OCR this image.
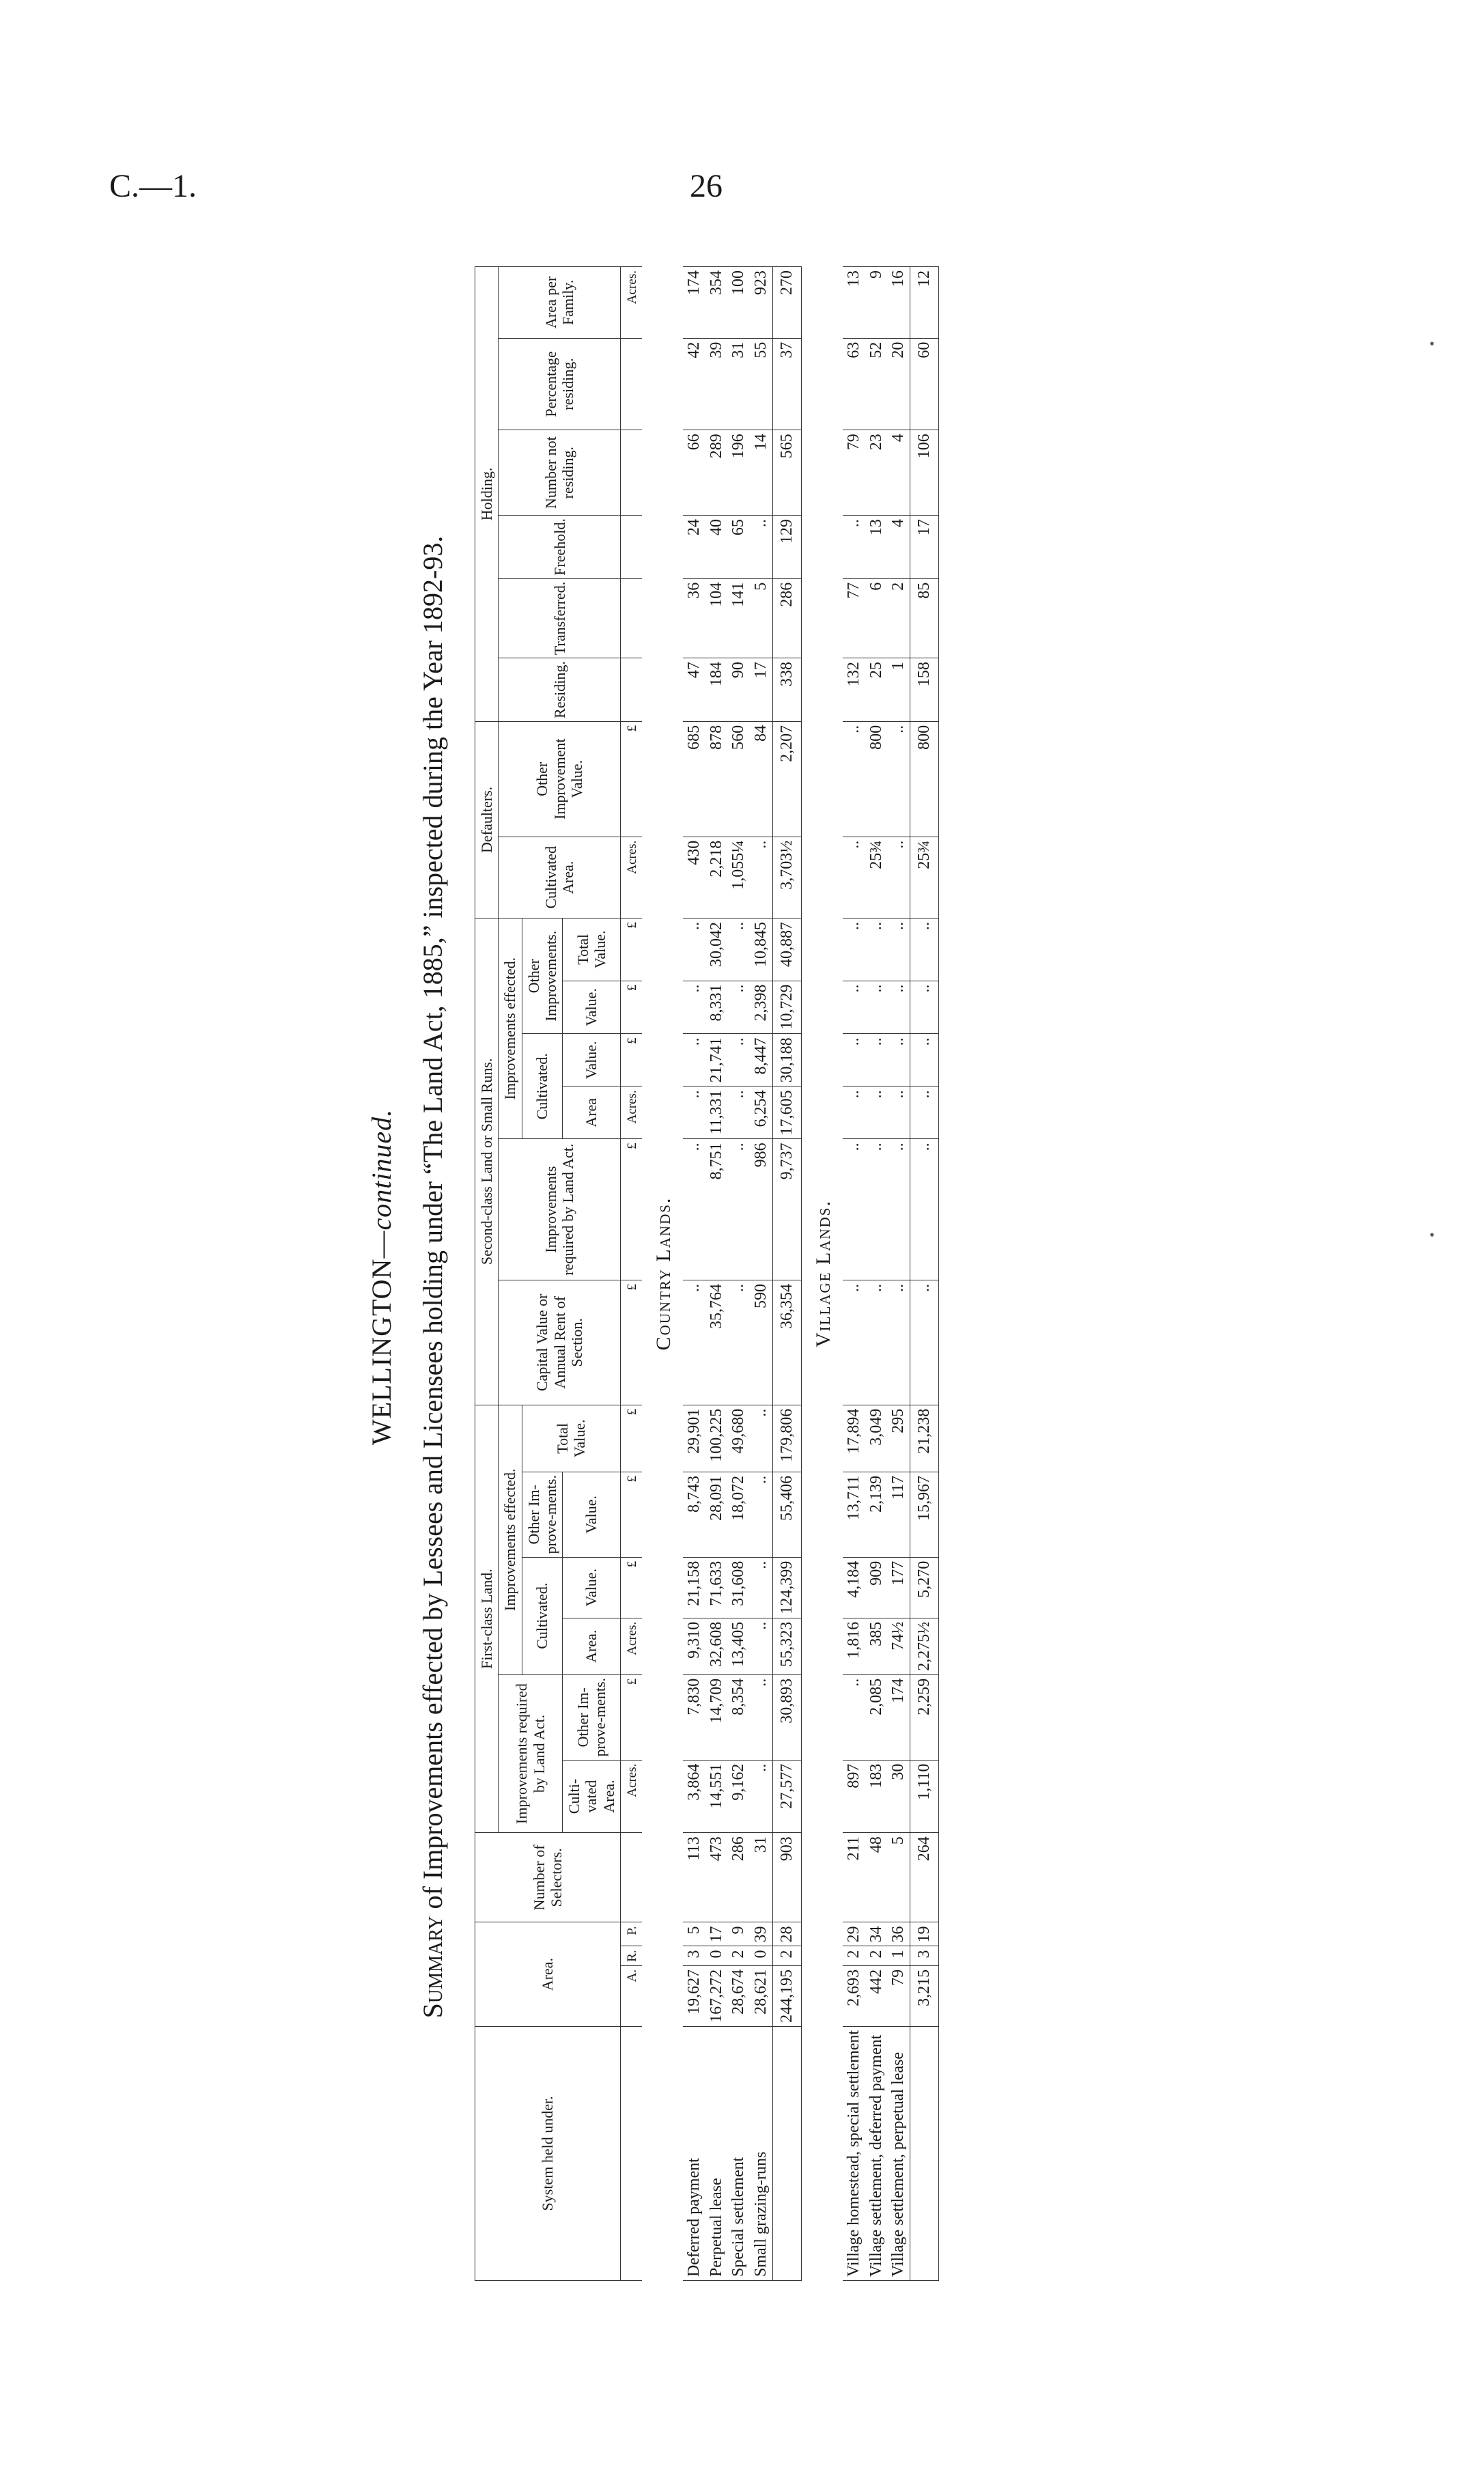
C.—1.	26
⋅
⋅
WELLINGTON—continued.
Summary of Improvements effected by Lessees and Licensees holding under “The Land Act, 1885,” inspected during the Year 1892-93.
System held under.	Area.			Number of Selectors.	First-class Land.						Second-class Land or Small Runs.						Defaulters.		Holding.					
					Improvements required by Land Act.		Improvements effected.				Capital Value or Annual Rent of Section.	Improvements required by Land Act.	Improvements effected.				Cultivated Area.	Other Improvement Value.	Residing.	Transferred.	Freehold.	Number not residing.	Percentage residing.	Area per Family.
							Cultivated.		Other Im-prove-ments.	Total Value.			Cultivated.		Other Improvements.									
					Culti-vated Area.	Other Im-prove-ments.	Area.	Value.	Value.				Area	Value.	Value.	Total Value.								
	A.	R.	P.		Acres.	£	Acres.	£	£	£	£	£	Acres.	£	£	£	Acres.	£						Acres.
Country Lands.																								
Deferred payment	19,627	3	5	113	3,864	7,830	9,310	21,158	8,743	29,901	..	..	..	..	..	..	430	685	47	36	24	66	42	174
Perpetual lease	167,272	0	17	473	14,551	14,709	32,608	71,633	28,091	100,225	35,764	8,751	11,331	21,741	8,331	30,042	2,218	878	184	104	40	289	39	354
Special settlement	28,674	2	9	286	9,162	8,354	13,405	31,608	18,072	49,680	..	..	..	..	..	..	1,055¼	560	90	141	65	196	31	100
Small grazing-runs	28,621	0	39	31	..	..	..	..	..	..	590	986	6,254	8,447	2,398	10,845	..	84	17	5	..	14	55	923
	244,195	2	28	903	27,577	30,893	55,323	124,399	55,406	179,806	36,354	9,737	17,605	30,188	10,729	40,887	3,703½	2,207	338	286	129	565	37	270
Village Lands.																								
Village homestead, special settlement	2,693	2	29	211	897	..	1,816	4,184	13,711	17,894	..	..	..	..	..	..	..	..	132	77	..	79	63	13
Village settlement, deferred payment	442	2	34	48	183	2,085	385	909	2,139	3,049	..	..	..	..	..	..	25¾	800	25	6	13	23	52	9
Village settlement, perpetual lease	79	1	36	5	30	174	74½	177	117	295	..	..	..	..	..	..	..	..	1	2	4	4	20	16
	3,215	3	19	264	1,110	2,259	2,275½	5,270	15,967	21,238	..	..	..	..	..	..	25¾	800	158	85	17	106	60	12
